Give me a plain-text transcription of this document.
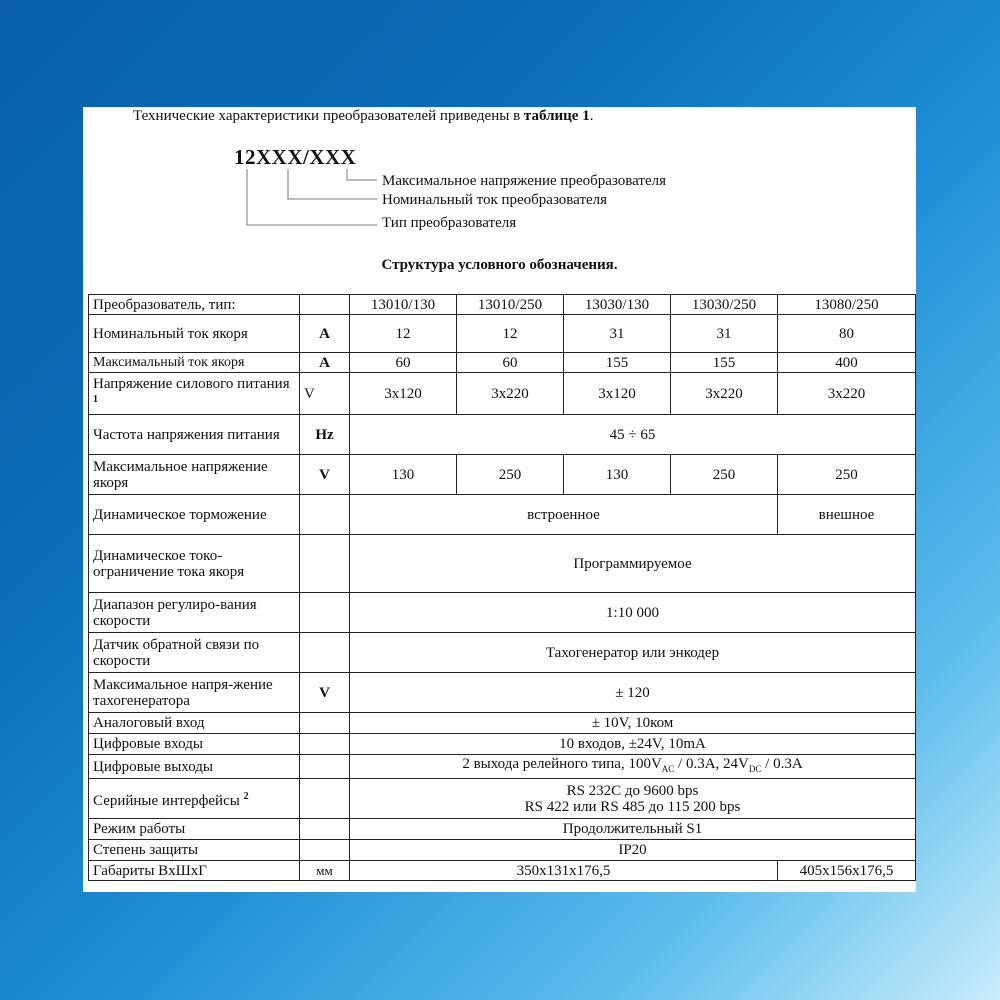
Технические характеристики преобразователей приведены в таблице 1.
12XXX/XXX
Максимальное напряжение преобразователя
Номинальный ток преобразователя
Тип преобразователя
Структура условного обозначения.
Преобразователь, тип:		13010/130	13010/250	13030/130	13030/250	13080/250
Номинальный ток якоря	A	12	12	31	31	80
Максимальный ток якоря	A	60	60	155	155	400
Напряжение силового питания $^1$	V	3x120	3x220	3x120	3x220	3x220
Частота напряжения питания	Hz	45 ÷ 65				
Максимальное напряжение якоря	V	130	250	130	250	250
Динамическое торможение		встроенное				внешное
Динамическое токо-ограничение тока якоря		Программируемое				
Диапазон регулиро-вания скорости		1:10 000				
Датчик обратной связи по скорости		Тахогенератор или энкодер				
Максимальное напря-жение тахогенератора	V	± 120				
Аналоговый вход		± 10V, 10ком				
Цифровые входы		10 входов, ±24V, 10mA				
Цифровые выходы		2 выхода релейного типа, $100V_{AC} / 0.3A$, $24V_{DC} / 0.3A$				
Серийные интерфейсы $^2$		RS 232C до 9600 bps
RS 422 или RS 485 до 115 200 bps				

Режим работы		Продолжительный S1				
Степень защиты		IP20				
Габариты ВxШxГ	мм	350x131x176,5				405x156x176,5
